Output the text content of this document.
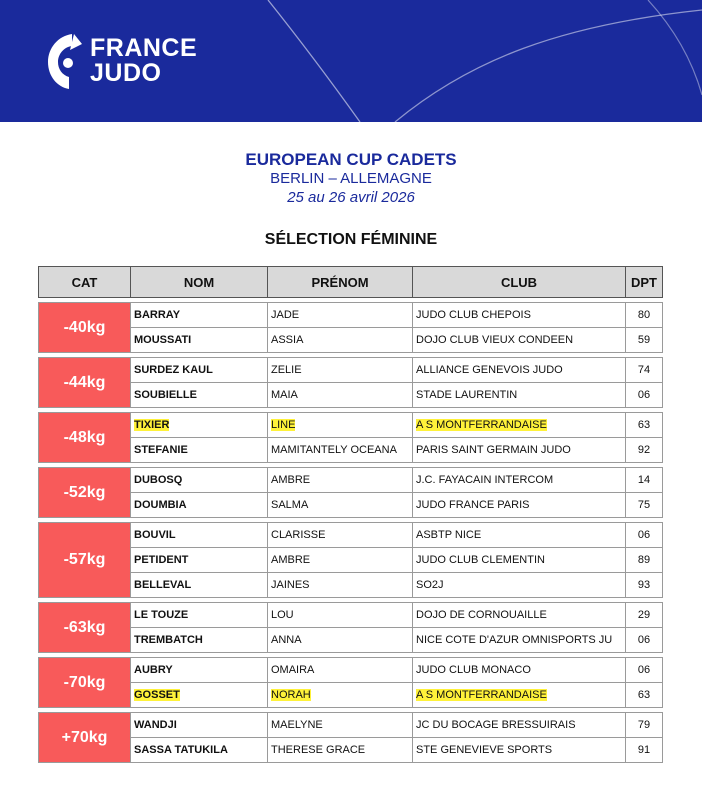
FRANCE
JUDO
EUROPEAN CUP CADETS
BERLIN – ALLEMAGNE
25 au 26 avril 2026
SÉLECTION FÉMININE
CAT	NOM	PRÉNOM	CLUB	DPT

-40kg	BARRAY	JADE	JUDO CLUB CHEPOIS	80
	MOUSSATI	ASSIA	DOJO CLUB VIEUX CONDEEN	59

-44kg	SURDEZ KAUL	ZELIE	ALLIANCE GENEVOIS JUDO	74
	SOUBIELLE	MAIA	STADE LAURENTIN	06

-48kg	TIXIER	LINE	A S MONTFERRANDAISE	63
	STEFANIE	MAMITANTELY OCEANA	PARIS SAINT GERMAIN JUDO	92

-52kg	DUBOSQ	AMBRE	J.C. FAYACAIN INTERCOM	14
	DOUMBIA	SALMA	JUDO FRANCE PARIS	75

-57kg	BOUVIL	CLARISSE	ASBTP NICE	06
	PETIDENT	AMBRE	JUDO CLUB CLEMENTIN	89
	BELLEVAL	JAINES	SO2J	93

-63kg	LE TOUZE	LOU	DOJO DE CORNOUAILLE	29
	TREMBATCH	ANNA	NICE COTE D'AZUR OMNISPORTS JU	06

-70kg	AUBRY	OMAIRA	JUDO CLUB MONACO	06
	GOSSET	NORAH	A S MONTFERRANDAISE	63

+70kg	WANDJI	MAELYNE	JC DU BOCAGE BRESSUIRAIS	79
	SASSA TATUKILA	THERESE GRACE	STE GENEVIEVE SPORTS	91
